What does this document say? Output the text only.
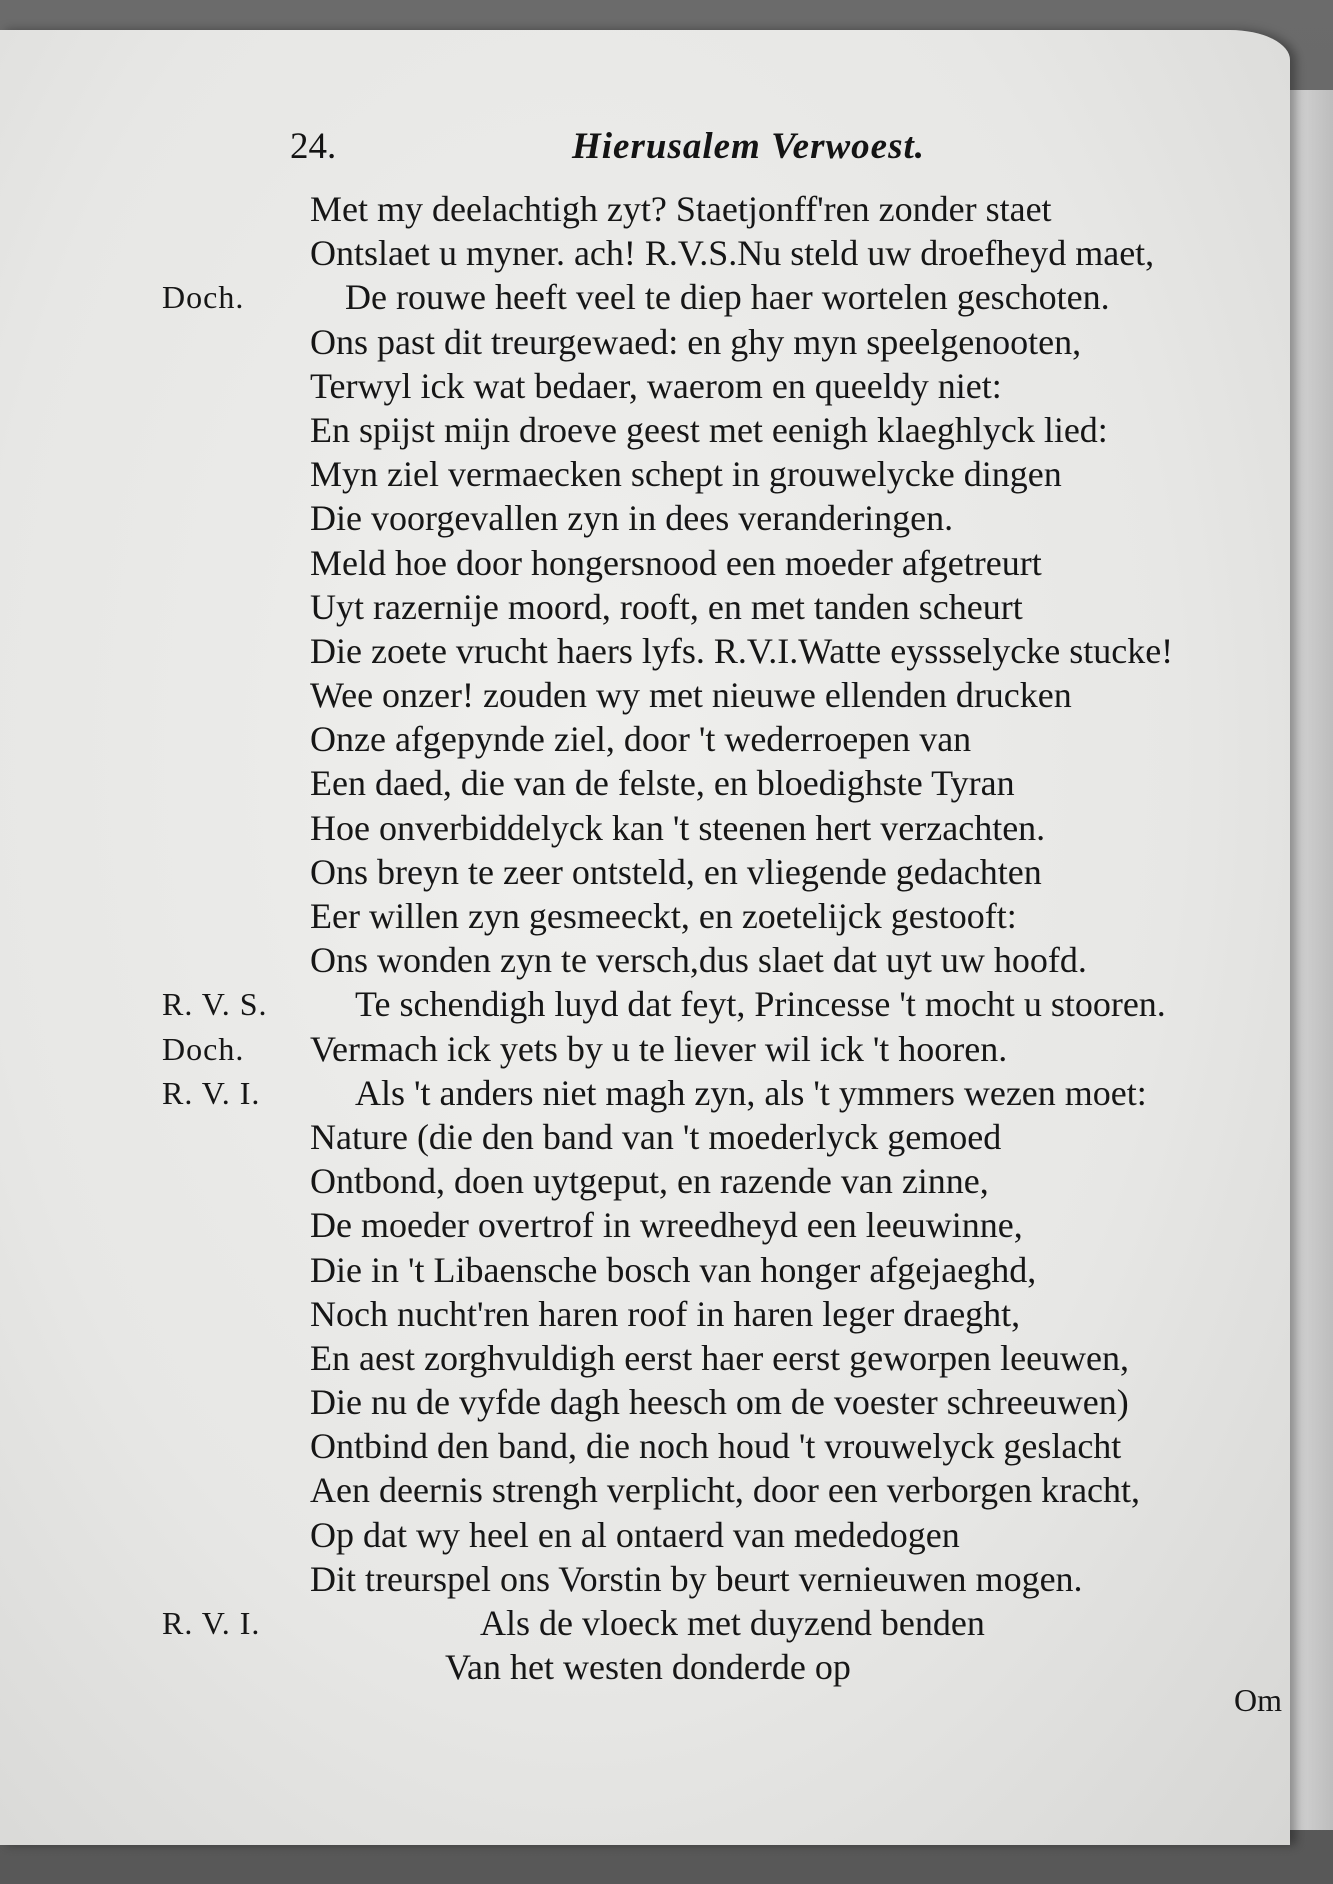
24.	Hierusalem Verwoest.
Met my deelachtigh zyt? Staetjonff'ren zonder staet
Ontslaet u myner. ach! R.V.S.Nu steld uw droefheyd maet,
Doch.	De rouwe heeft veel te diep haer wortelen geschoten.
Ons past dit treurgewaed: en ghy myn speelgenooten,
Terwyl ick wat bedaer, waerom en queeldy niet:
En spijst mijn droeve geest met eenigh klaeghlyck lied:
Myn ziel vermaecken schept in grouwelycke dingen
Die voorgevallen zyn in dees veranderingen.
Meld hoe door hongersnood een moeder afgetreurt
Uyt razernije moord, rooft, en met tanden scheurt
Die zoete vrucht haers lyfs. R.V.I.Watte eyssselycke stucke!
Wee onzer! zouden wy met nieuwe ellenden drucken
Onze afgepynde ziel, door 't wederroepen van
Een daed, die van de felste, en bloedighste Tyran
Hoe onverbiddelyck kan 't steenen hert verzachten.
Ons breyn te zeer ontsteld, en vliegende gedachten
Eer willen zyn gesmeeckt, en zoetelijck gestooft:
Ons wonden zyn te versch,dus slaet dat uyt uw hoofd.
R. V. S. Te schendigh luyd dat feyt, Princesse 't mocht u stooren.
Doch. Vermach ick yets by u te liever wil ick 't hooren.
R. V. I.	Als 't anders niet magh zyn, als 't ymmers wezen moet:
Nature (die den band van 't moederlyck gemoed
Ontbond, doen uytgeput, en razende van zinne,
De moeder overtrof in wreedheyd een leeuwinne,
Die in 't Libaensche bosch van honger afgejaeghd,
Noch nucht'ren haren roof in haren leger draeght,
En aest zorghvuldigh eerst haer eerst geworpen leeuwen,
Die nu de vyfde dagh heesch om de voester schreeuwen)
Ontbind den band, die noch houd 't vrouwelyck geslacht
Aen deernis strengh verplicht, door een verborgen kracht,
Op dat wy heel en al ontaerd van mededogen
Dit treurspel ons Vorstin by beurt vernieuwen mogen.
R. V. I.	Als de vloeck met duyzend benden
Van het westen donderde op
Om
